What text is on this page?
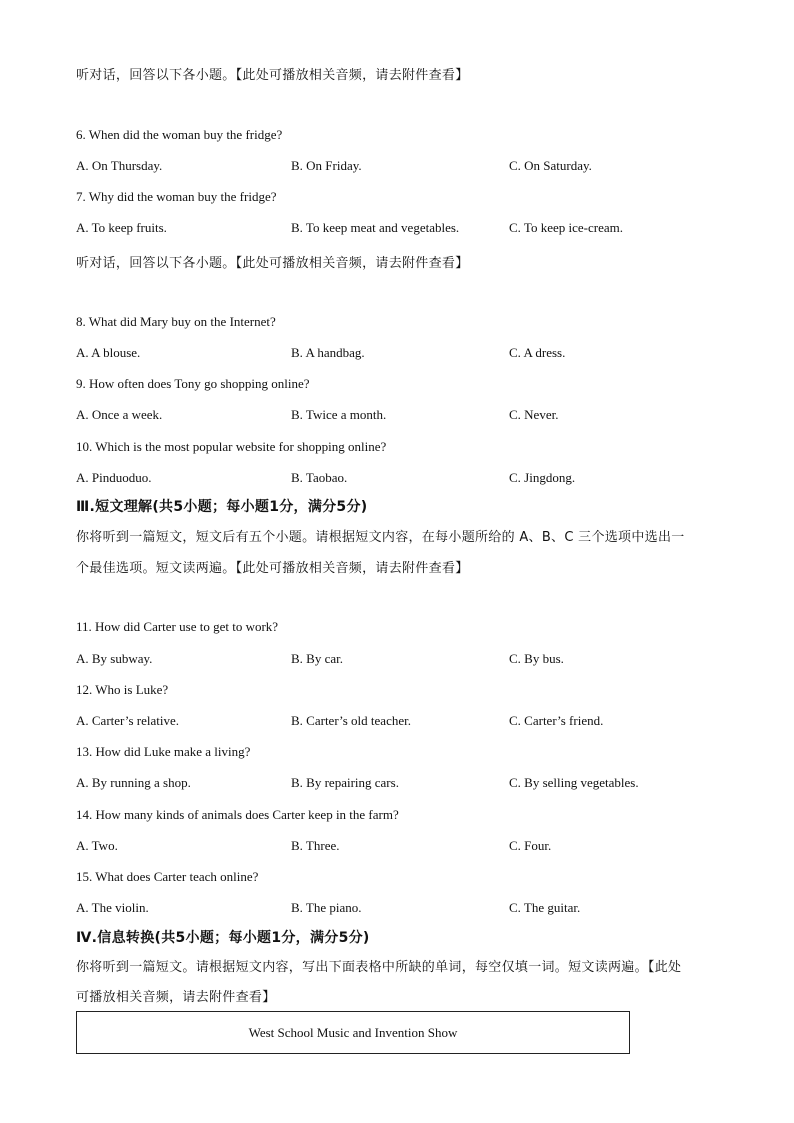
听对话，回答以下各小题。【此处可播放相关音频，请去附件查看】
6. When did the woman buy the fridge?
A. On Thursday.	B. On Friday.	C. On Saturday.
7. Why did the woman buy the fridge?
A. To keep fruits.	B. To keep meat and vegetables.	C. To keep ice-cream.
听对话，回答以下各小题。【此处可播放相关音频，请去附件查看】
8. What did Mary buy on the Internet?
A. A blouse.	B. A handbag.	C. A dress.
9. How often does Tony go shopping online?
A. Once a week.	B. Twice a month.	C. Never.
10. Which is the most popular website for shopping online?
A. Pinduoduo.	B. Taobao.	C. Jingdong.
Ⅲ.短文理解(共5小题；每小题1分，满分5分)
你将听到一篇短文，短文后有五个小题。请根据短文内容，在每小题所给的 A、B、C 三个选项中选出一
个最佳选项。短文读两遍。【此处可播放相关音频，请去附件查看】
11. How did Carter use to get to work?
A. By subway.	B. By car.	C. By bus.
12. Who is Luke?
A. Carter’s relative.	B. Carter’s old teacher.	C. Carter’s friend.
13. How did Luke make a living?
A. By running a shop.	B. By repairing cars.	C. By selling vegetables.
14. How many kinds of animals does Carter keep in the farm?
A. Two.	B. Three.	C. Four.
15. What does Carter teach online?
A. The violin.	B. The piano.	C. The guitar.
Ⅳ.信息转换(共5小题；每小题1分，满分5分)
你将听到一篇短文。请根据短文内容，写出下面表格中所缺的单词，每空仅填一词。短文读两遍。【此处
可播放相关音频，请去附件查看】
West School Music and Invention Show
